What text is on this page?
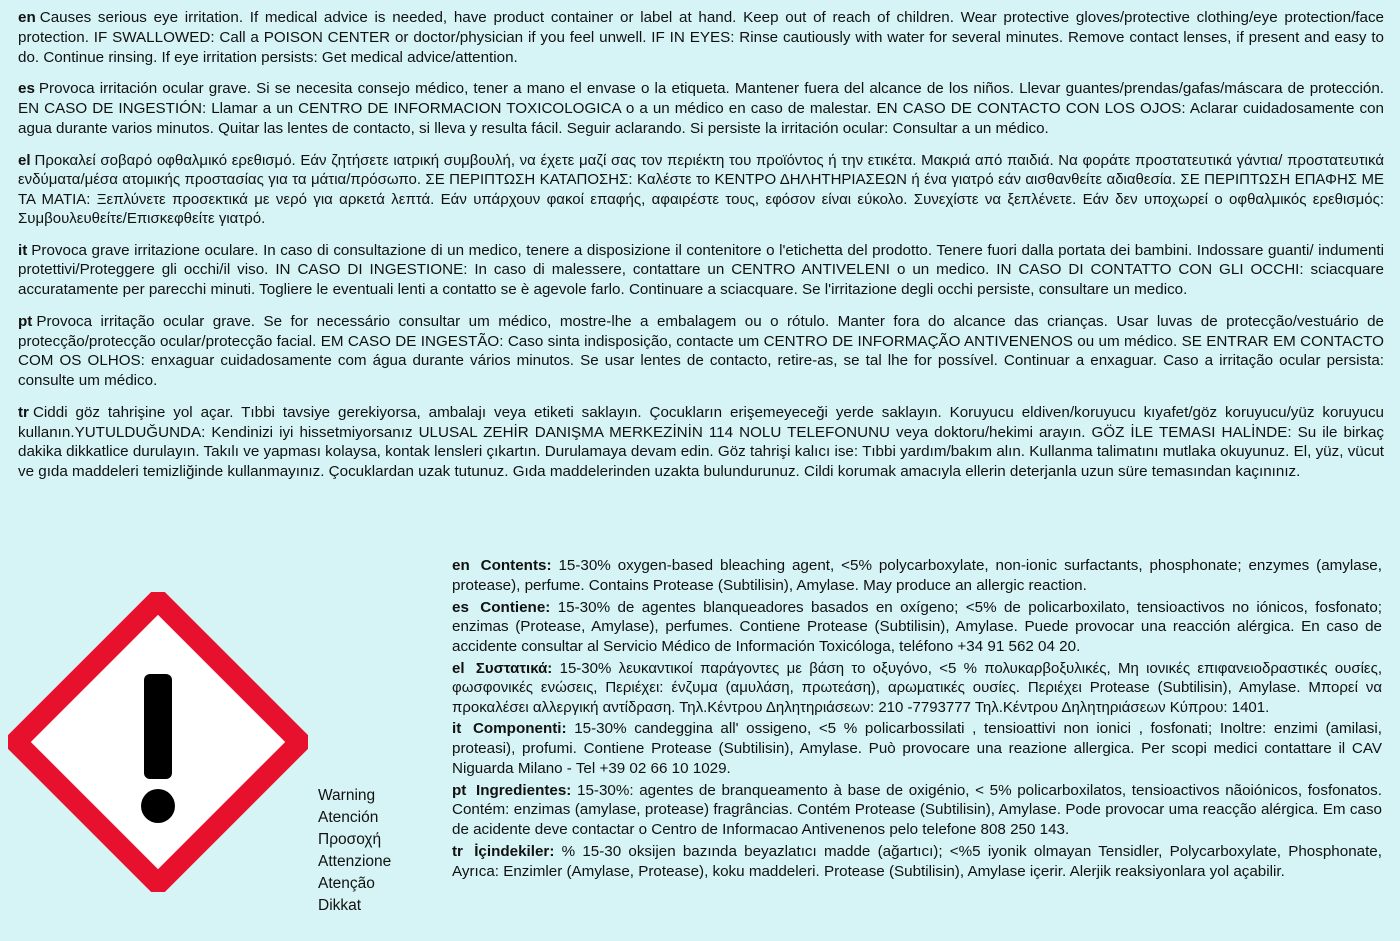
en Causes serious eye irritation. If medical advice is needed, have product container or label at hand. Keep out of reach of children. Wear protective gloves/protective clothing/eye protection/face protection. IF SWALLOWED: Call a POISON CENTER or doctor/physician if you feel unwell. IF IN EYES: Rinse cautiously with water for several minutes. Remove contact lenses, if present and easy to do. Continue rinsing. If eye irritation persists: Get medical advice/attention.

es Provoca irritación ocular grave. Si se necesita consejo médico, tener a mano el envase o la etiqueta. Mantener fuera del alcance de los niños. Llevar guantes/prendas/gafas/máscara de protección. EN CASO DE INGESTIÓN: Llamar a un CENTRO DE INFORMACION TOXICOLOGICA o a un médico en caso de malestar. EN CASO DE CONTACTO CON LOS OJOS: Aclarar cuidadosamente con agua durante varios minutos. Quitar las lentes de contacto, si lleva y resulta fácil. Seguir aclarando. Si persiste la irritación ocular: Consultar a un médico.

el Προκαλεί σοβαρό οφθαλμικό ερεθισμό. Εάν ζητήσετε ιατρική συμβουλή, να έχετε μαζί σας τον περιέκτη του προϊόντος ή την ετικέτα. Μακριά από παιδιά. Να φοράτε προστατευτικά γάντια/ προστατευτικά ενδύματα/μέσα ατομικής προστασίας για τα μάτια/πρόσωπο. ΣΕ ΠΕΡΙΠΤΩΣΗ ΚΑΤΑΠΟΣΗΣ: Καλέστε το ΚΕΝΤΡΟ ΔΗΛΗΤΗΡΙΑΣΕΩΝ ή ένα γιατρό εάν αισθανθείτε αδιαθεσία. ΣΕ ΠΕΡΙΠΤΩΣΗ ΕΠΑΦΗΣ ΜΕ ΤΑ ΜΑΤΙΑ: Ξεπλύνετε προσεκτικά με νερό για αρκετά λεπτά. Εάν υπάρχουν φακοί επαφής, αφαιρέστε τους, εφόσον είναι εύκολο. Συνεχίστε να ξεπλένετε. Εάν δεν υποχωρεί ο οφθαλμικός ερεθισμός: Συμβουλευθείτε/Επισκεφθείτε γιατρό.

it Provoca grave irritazione oculare. In caso di consultazione di un medico, tenere a disposizione il contenitore o l'etichetta del prodotto. Tenere fuori dalla portata dei bambini. Indossare guanti/ indumenti protettivi/Proteggere gli occhi/il viso. IN CASO DI INGESTIONE: In caso di malessere, contattare un CENTRO ANTIVELENI o un medico. IN CASO DI CONTATTO CON GLI OCCHI: sciacquare accuratamente per parecchi minuti. Togliere le eventuali lenti a contatto se è agevole farlo. Continuare a sciacquare. Se l'irritazione degli occhi persiste, consultare un medico.

pt Provoca irritação ocular grave. Se for necessário consultar um médico, mostre-lhe a embalagem ou o rótulo. Manter fora do alcance das crianças. Usar luvas de protecção/vestuário de protecção/protecção ocular/protecção facial. EM CASO DE INGESTÃO: Caso sinta indisposição, contacte um CENTRO DE INFORMAÇÃO ANTIVENENOS ou um médico. SE ENTRAR EM CONTACTO COM OS OLHOS: enxaguar cuidadosamente com água durante vários minutos. Se usar lentes de contacto, retire-as, se tal lhe for possível. Continuar a enxaguar. Caso a irritação ocular persista: consulte um médico.

tr Ciddi göz tahrişine yol açar. Tıbbi tavsiye gerekiyorsa, ambalajı veya etiketi saklayın. Çocukların erişemeyeceği yerde saklayın. Koruyucu eldiven/koruyucu kıyafet/göz koruyucu/yüz koruyucu kullanın.YUTULDUĞUNDA: Kendinizi iyi hissetmiyorsanız ULUSAL ZEHİR DANIŞMA MERKEZİNİN 114 NOLU TELEFONUNU veya doktoru/hekimi arayın. GÖZ İLE TEMASI HALİNDE: Su ile birkaç dakika dikkatlice durulayın. Takılı ve yapması kolaysa, kontak lensleri çıkartın. Durulamaya devam edin. Göz tahrişi kalıcı ise: Tıbbi yardım/bakım alın. Kullanma talimatını mutlaka okuyunuz. El, yüz, vücut ve gıda maddeleri temizliğinde kullanmayınız. Çocuklardan uzak tutunuz. Gıda maddelerinden uzakta bulundurunuz. Cildi korumak amacıyla ellerin deterjanla uzun süre temasından kaçınınız.

Warning
Atención
Προσοχή
Attenzione
Atenção
Dikkat

en Contents: 15-30% oxygen-based bleaching agent, <5% polycarboxylate, non-ionic surfactants, phosphonate; enzymes (amylase, protease), perfume. Contains Protease (Subtilisin), Amylase. May produce an allergic reaction.

es Contiene: 15-30% de agentes blanqueadores basados en oxígeno; <5% de policarboxilato, tensioactivos no iónicos, fosfonato; enzimas (Protease, Amylase), perfumes. Contiene Protease (Subtilisin), Amylase. Puede provocar una reacción alérgica. En caso de accidente consultar al Servicio Médico de Información Toxicóloga, teléfono +34 91 562 04 20.

el Συστατικά: 15-30% λευκαντικοί παράγοντες με βάση το οξυγόνο, <5 % πολυκαρβοξυλικές, Μη ιονικές επιφανειοδραστικές ουσίες, φωσφονικές ενώσεις, Περιέχει: ένζυμα (αμυλάση, πρωτεάση), αρωματικές ουσίες. Περιέχει Protease (Subtilisin), Amylase. Μπορεί να προκαλέσει αλλεργική αντίδραση. Τηλ.Κέντρου Δηλητηριάσεων: 210 -7793777 Τηλ.Κέντρου Δηλητηριάσεων Κύπρου: 1401.

it Componenti: 15-30% candeggina all' ossigeno, <5 % policarbossilati , tensioattivi non ionici , fosfonati; Inoltre: enzimi (amilasi, proteasi), profumi. Contiene Protease (Subtilisin), Amylase. Può provocare una reazione allergica. Per scopi medici contattare il CAV Niguarda Milano - Tel +39 02 66 10 1029.

pt Ingredientes: 15-30%: agentes de branqueamento à base de oxigénio, < 5% policarboxilatos, tensioactivos nãoiónicos, fosfonatos. Contém: enzimas (amylase, protease) fragrâncias. Contém Protease (Subtilisin), Amylase. Pode provocar uma reacção alérgica. Em caso de acidente deve contactar o Centro de Informacao Antivenenos pelo telefone 808 250 143.

tr İçindekiler: % 15-30 oksijen bazında beyazlatıcı madde (ağartıcı); <%5 iyonik olmayan Tensidler, Polycarboxylate, Phosphonate, Ayrıca: Enzimler (Amylase, Protease), koku maddeleri. Protease (Subtilisin), Amylase içerir. Alerjik reaksiyonlara yol açabilir.
